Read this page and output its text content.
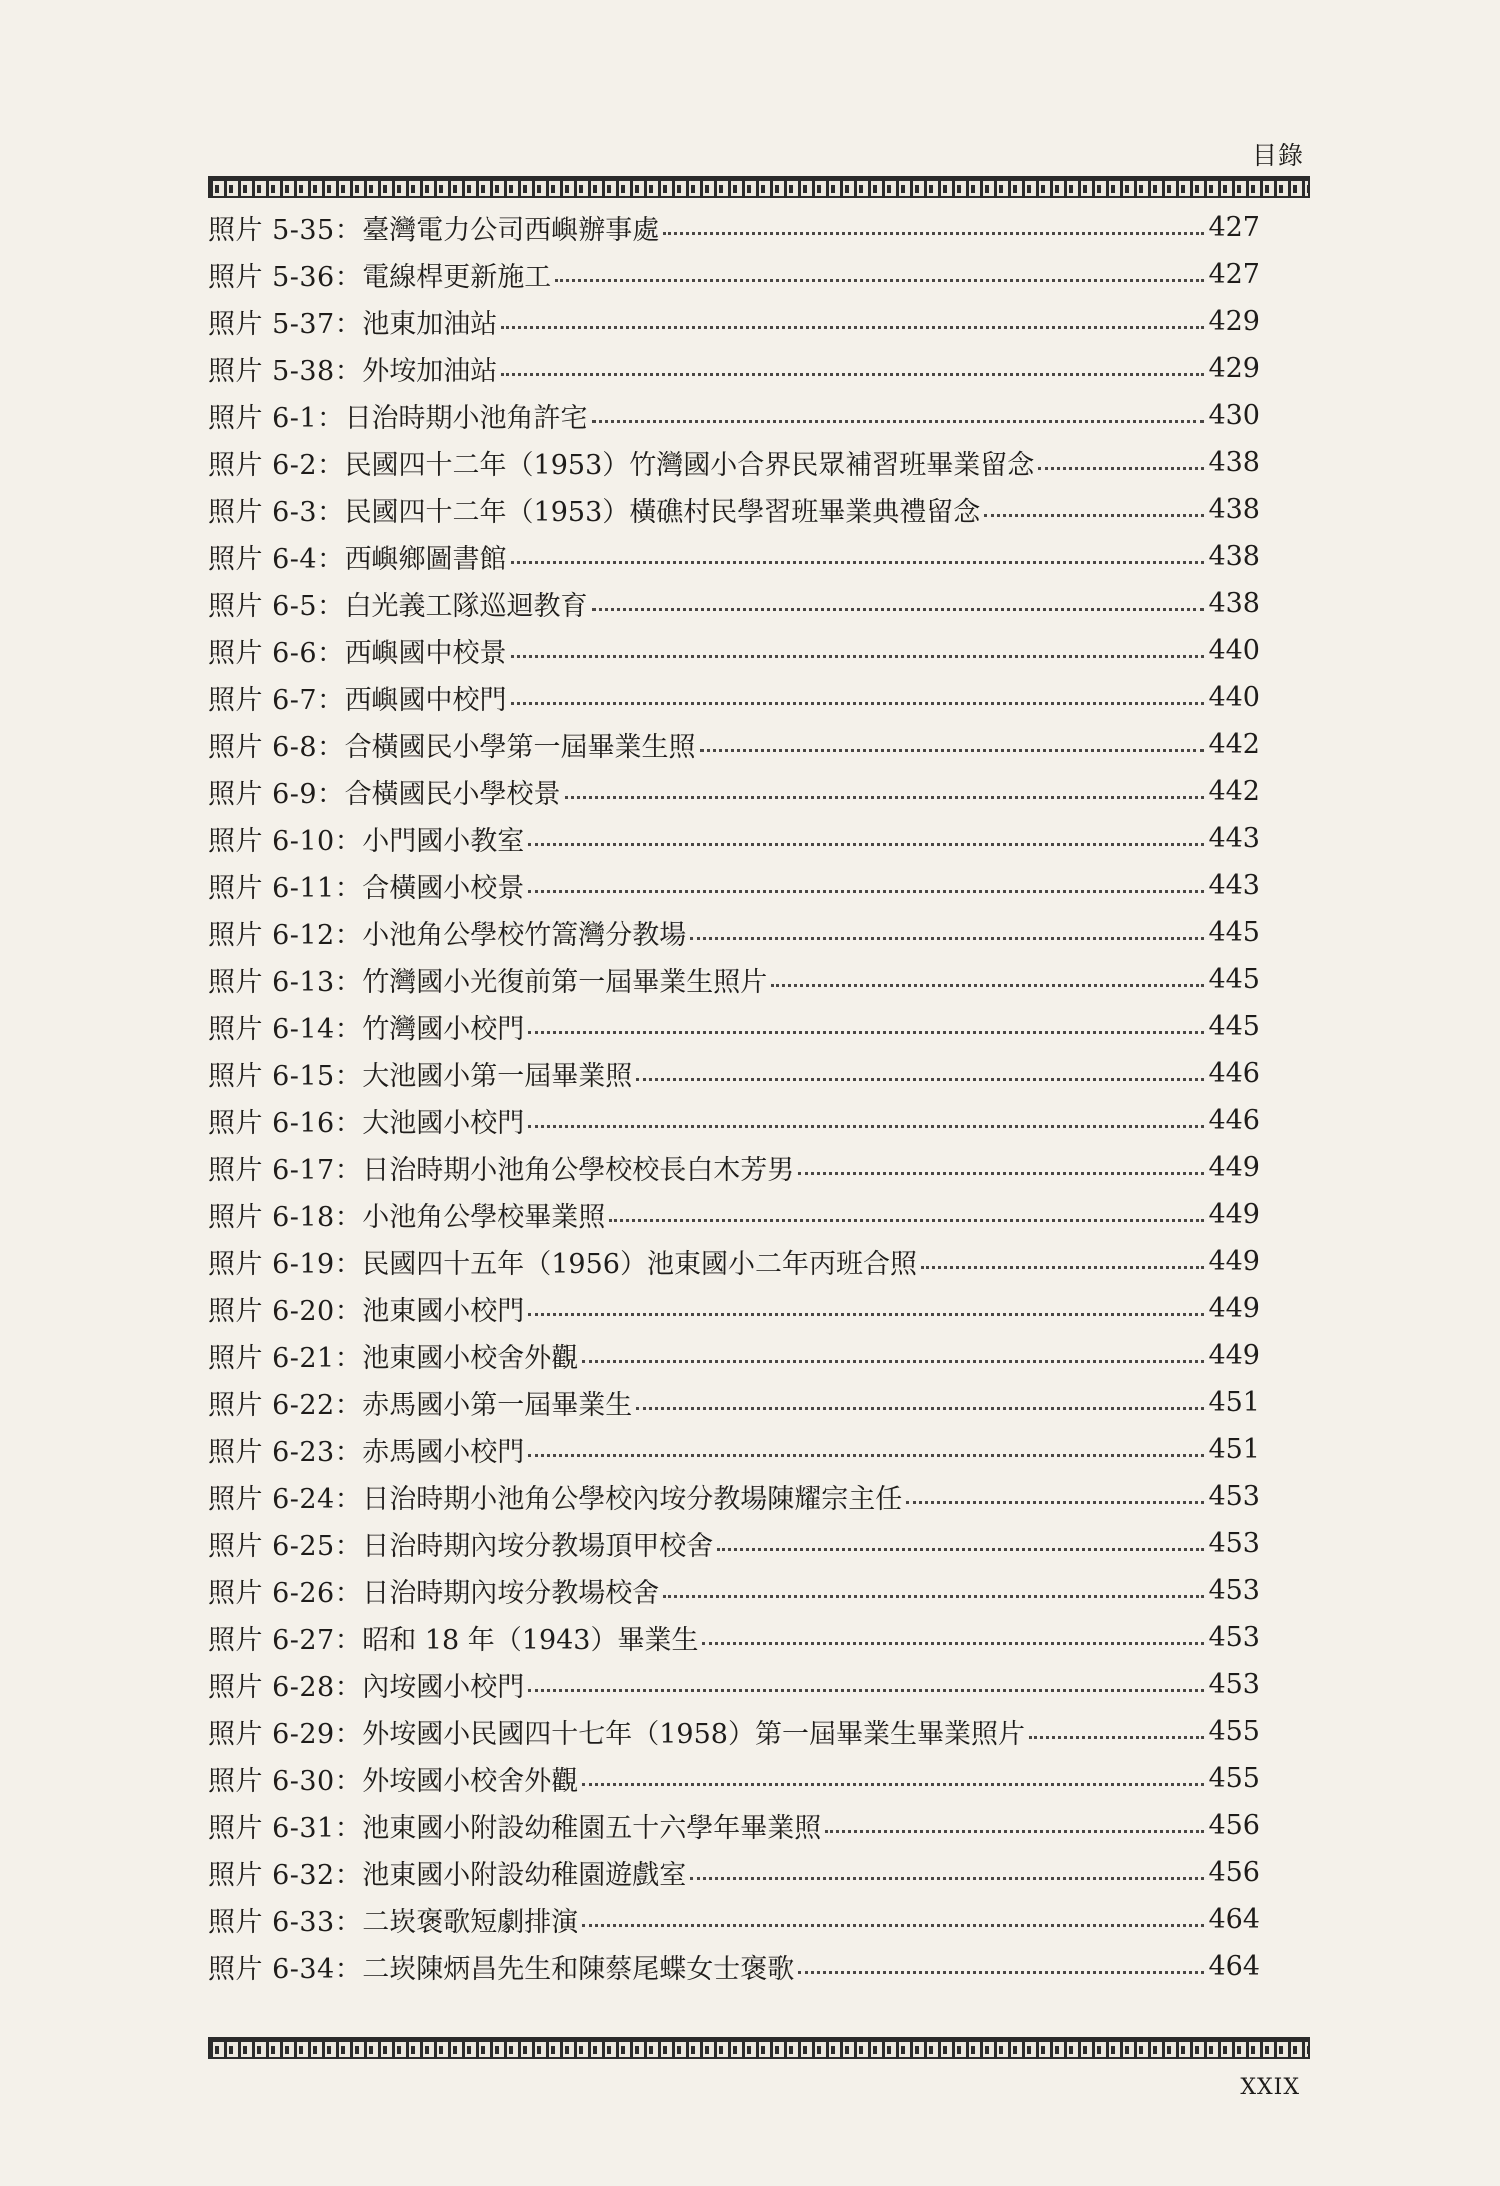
目錄
照片 5-35： 臺灣電力公司西嶼辦事處	427
照片 5-36： 電線桿更新施工	427
照片 5-37： 池東加油站	429
照片 5-38： 外垵加油站	429
照片 6-1： 日治時期小池角許宅	430
照片 6-2： 民國四十二年（1953）竹灣國小合界民眾補習班畢業留念	438
照片 6-3： 民國四十二年（1953）橫礁村民學習班畢業典禮留念	438
照片 6-4： 西嶼鄉圖書館	438
照片 6-5： 白光義工隊巡迴教育	438
照片 6-6： 西嶼國中校景	440
照片 6-7： 西嶼國中校門	440
照片 6-8： 合橫國民小學第一屆畢業生照	442
照片 6-9： 合橫國民小學校景	442
照片 6-10： 小門國小教室	443
照片 6-11： 合橫國小校景	443
照片 6-12： 小池角公學校竹篙灣分教場	445
照片 6-13： 竹灣國小光復前第一屆畢業生照片	445
照片 6-14： 竹灣國小校門	445
照片 6-15： 大池國小第一屆畢業照	446
照片 6-16： 大池國小校門	446
照片 6-17： 日治時期小池角公學校校長白木芳男	449
照片 6-18： 小池角公學校畢業照	449
照片 6-19： 民國四十五年（1956）池東國小二年丙班合照	449
照片 6-20： 池東國小校門	449
照片 6-21： 池東國小校舍外觀	449
照片 6-22： 赤馬國小第一屆畢業生	451
照片 6-23： 赤馬國小校門	451
照片 6-24： 日治時期小池角公學校內垵分教場陳耀宗主任	453
照片 6-25： 日治時期內垵分教場頂甲校舍	453
照片 6-26： 日治時期內垵分教場校舍	453
照片 6-27： 昭和 18 年（1943）畢業生	453
照片 6-28： 內垵國小校門	453
照片 6-29： 外垵國小民國四十七年（1958）第一屆畢業生畢業照片	455
照片 6-30： 外垵國小校舍外觀	455
照片 6-31： 池東國小附設幼稚園五十六學年畢業照	456
照片 6-32： 池東國小附設幼稚園遊戲室	456
照片 6-33： 二崁褒歌短劇排演	464
照片 6-34： 二崁陳炳昌先生和陳蔡尾蝶女士褒歌	464
XXIX
